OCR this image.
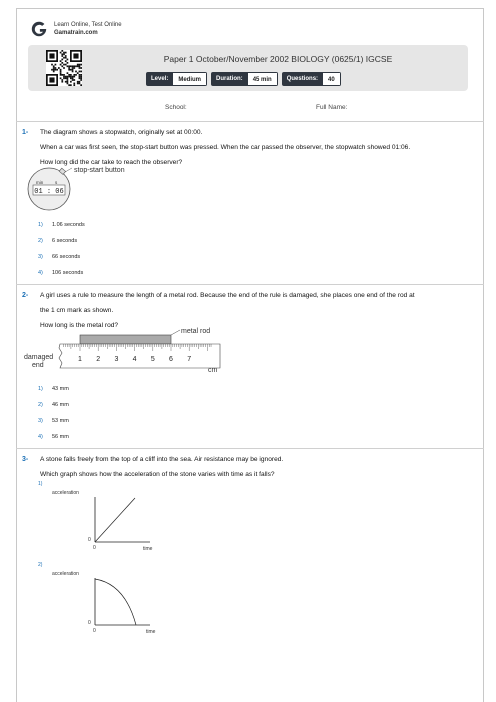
Learn Online, Test Online
Gamatrain.com
Paper 1 October/November 2002 BIOLOGY (0625/1) IGCSE
Level:	Medium	Duration:	45 min	Questions:	40
School:	Full Name:
1- The diagram shows a stopwatch, originally set at 00:00.
When a car was first seen, the stop-start button was pressed. When the car passed the observer, the stopwatch showed 01:06.
How long did the car take to reach the observer?
stop-start button
min	s
01 : 06
1) 1.06 seconds
2) 6 seconds
3) 66 seconds
4) 106 seconds
2- A girl uses a rule to measure the length of a metal rod. Because the end of the rule is damaged, she places one end of the rod at
the 1 cm mark as shown.
How long is the metal rod?
metal rod
1 2 3 4 5 6 7
damaged
end
cm
1) 43 mm
2) 46 mm
3) 53 mm
4) 56 mm
3- A stone falls freely from the top of a cliff into the sea. Air resistance may be ignored.
Which graph shows how the acceleration of the stone varies with time as it falls?
1)
acceleration
0
0	time
2)
acceleration
0
0	time
